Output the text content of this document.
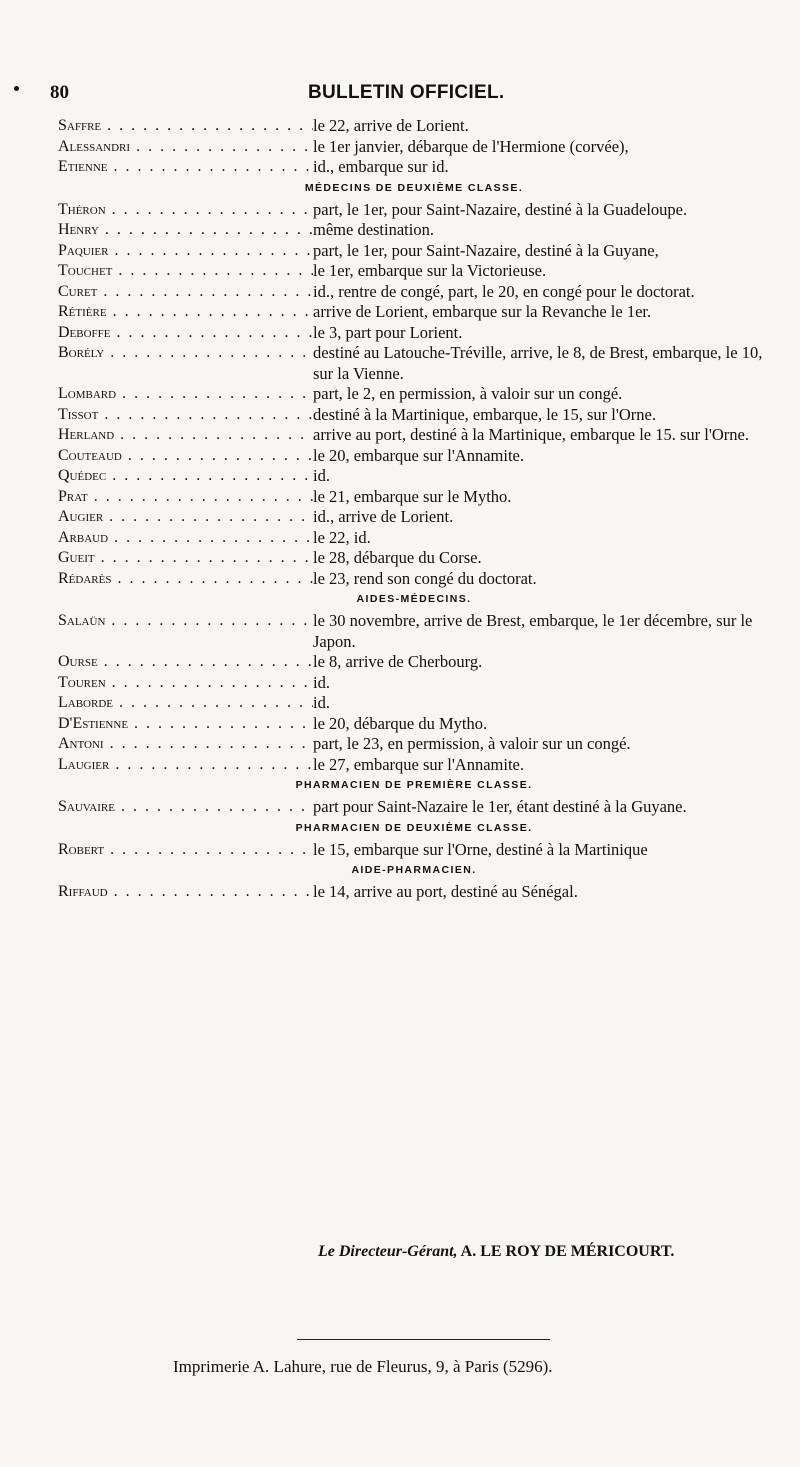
80	BULLETIN OFFICIEL.
Saffre . . .	le 22, arrive de Lorient.
Alessandri . . .	le 1er janvier, débarque de l'Hermione (corvée),
Etienne . . .	id., embarque sur id.
MÉDECINS DE DEUXIÈME CLASSE.
Théron . . .	part, le 1er, pour Saint-Nazaire, destiné à la Guadeloupe.
Henry . . .	même destination.
Paquier . . .	part, le 1er, pour Saint-Nazaire, destiné à la Guyane,
Touchet . . .	le 1er, embarque sur la Victorieuse.
Curet . . .	id., rentre de congé, part, le 20, en congé pour le doctorat.
Rétière . . .	arrive de Lorient, embarque sur la Revanche le 1er.
Deboffe . . .	le 3, part pour Lorient.
Borély . . .	destiné au Latouche-Tréville, arrive, le 8, de Brest, embarque, le 10, sur la Vienne.
Lombard . . .	part, le 2, en permission, à valoir sur un congé.
Tissot . . .	destiné à la Martinique, embarque, le 15, sur l'Orne.
Herland . . .	arrive au port, destiné à la Martinique, embarque le 15. sur l'Orne.
Couteaud . . .	le 20, embarque sur l'Annamite.
Quédec . . .	id.
Prat . . .	le 21, embarque sur le Mytho.
Augier . . .	id., arrive de Lorient.
Arbaud . . .	le 22, id.
Gueit . . .	le 28, débarque du Corse.
Rédarès . . .	le 23, rend son congé du doctorat.
AIDES-MÉDECINS.
Salaün . . .	le 30 novembre, arrive de Brest, embarque, le 1er décembre, sur le Japon.
Ourse . . .	le 8, arrive de Cherbourg.
Touren . . .	id.
Laborde . . .	id.
D'Estienne . . .	le 20, débarque du Mytho.
Antoni . . .	part, le 23, en permission, à valoir sur un congé.
Laugier . . .	le 27, embarque sur l'Annamite.
PHARMACIEN DE PREMIÈRE CLASSE.
Sauvaire . . .	part pour Saint-Nazaire le 1er, étant destiné à la Guyane.
PHARMACIEN DE DEUXIÈME CLASSE.
Robert . . .	le 15, embarque sur l'Orne, destiné à la Martinique
AIDE-PHARMACIEN.
Riffaud . . .	le 14, arrive au port, destiné au Sénégal.
Le Directeur-Gérant, A. LE ROY DE MÉRICOURT.
Imprimerie A. Lahure, rue de Fleurus, 9, à Paris (5296).
